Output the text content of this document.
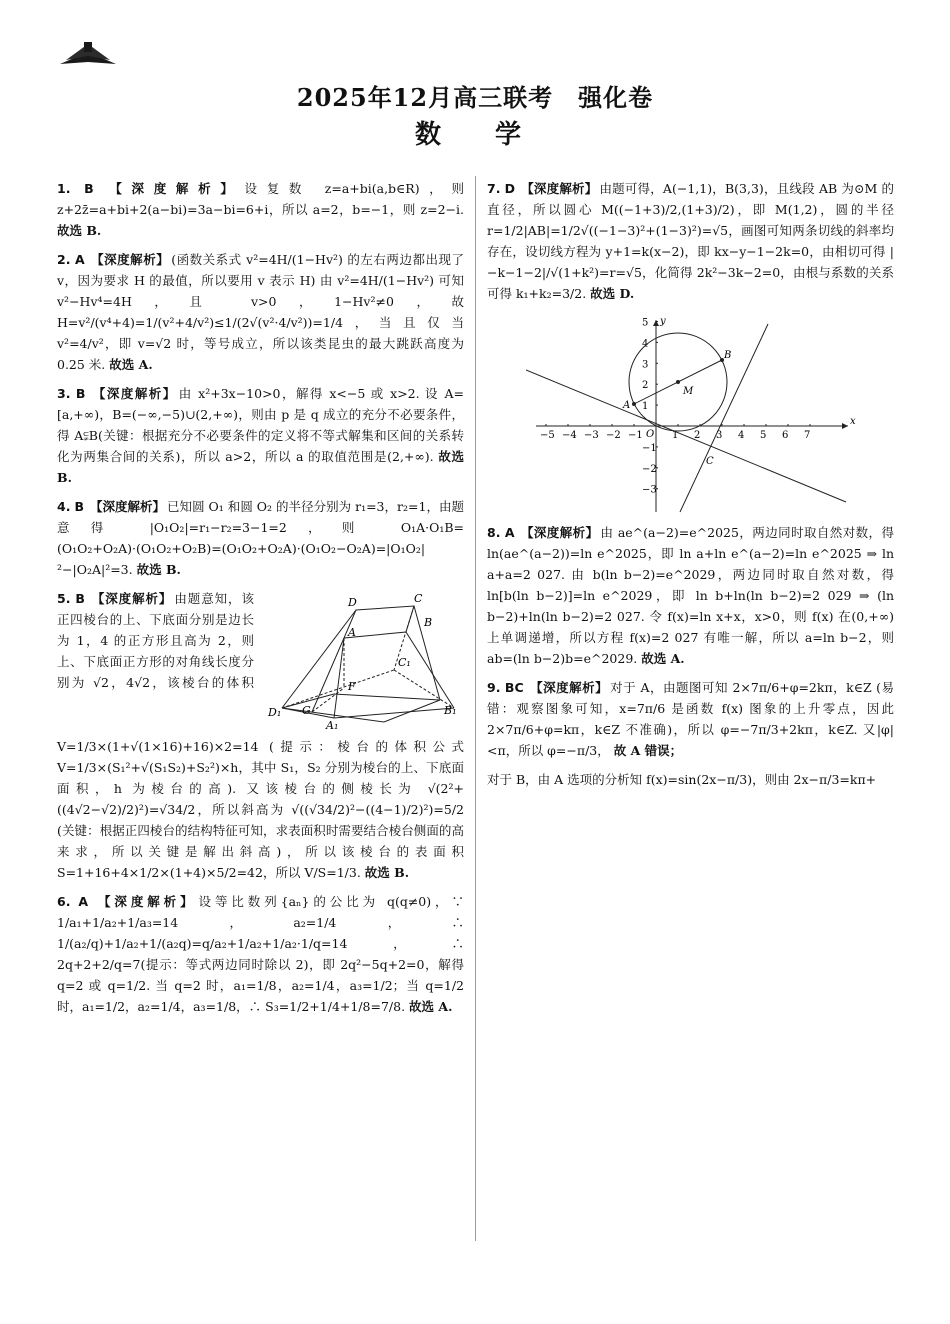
2025年12月高三联考　强化卷
数　学
1. B 【深度解析】 设复数 z=a+bi(a,b∈R)，则 z+2z̄=a+bi+2(a−bi)=3a−bi=6+i，所以 a=2，b=−1，则 z=2−i. 故选 B.
2. A 【深度解析】 (函数关系式 v²=4H/(1−Hv²) 的左右两边都出现了 v，因为要求 H 的最值，所以要用 v 表示 H) 由 v²=4H/(1−Hv²) 可知 v²−Hv⁴=4H，且 v>0，1−Hv²≠0，故 H=v²/(v⁴+4)=1/(v²+4/v²)≤1/(2√(v²·4/v²))=1/4，当且仅当 v²=4/v²，即 v=√2 时，等号成立，所以该类昆虫的最大跳跃高度为 0.25 米. 故选 A.
3. B 【深度解析】 由 x²+3x−10>0，解得 x<−5 或 x>2. 设 A=[a,+∞)，B=(−∞,−5)∪(2,+∞)，则由 p 是 q 成立的充分不必要条件，得 A⫋B(关键：根据充分不必要条件的定义将不等式解集和区间的关系转化为两集合间的关系)，所以 a>2，所以 a 的取值范围是(2,+∞). 故选 B.
4. B 【深度解析】 已知圆 O₁ 和圆 O₂ 的半径分别为 r₁=3，r₂=1，由题意得 |O₁O₂|=r₁−r₂=3−1=2，则 O₁A·O₁B=(O₁O₂+O₂A)·(O₁O₂+O₂B)=(O₁O₂+O₂A)·(O₁O₂−O₂A)=|O₁O₂|²−|O₂A|²=3. 故选 B.
D	C
B
A
C₁
D₁
F
G
A₁
B₁
5. B 【深度解析】 由题意知，该正四棱台的上、下底面分别是边长为 1，4 的正方形且高为 2，则上、下底面正方形的对角线长度分别为 √2，4√2，该棱台的体积 V=1/3×(1+√(1×16)+16)×2=14 (提示：棱台的体积公式 V=1/3×(S₁²+√(S₁S₂)+S₂²)×h，其中 S₁，S₂ 分别为棱台的上、下底面面积，h 为棱台的高). 又该棱台的侧棱长为 √(2²+((4√2−√2)/2)²)=√34/2，所以斜高为 √((√34/2)²−((4−1)/2)²)=5/2 (关键：根据正四棱台的结构特征可知，求表面积时需要结合棱台侧面的高来求，所以关键是解出斜高)，所以该棱台的表面积 S=1+16+4×1/2×(1+4)×5/2=42，所以 V/S=1/3. 故选 B.
6. A 【深度解析】 设等比数列{aₙ}的公比为 q(q≠0)，∵ 1/a₁+1/a₂+1/a₃=14，a₂=1/4，∴ 1/(a₂/q)+1/a₂+1/(a₂q)=q/a₂+1/a₂+1/a₂·1/q=14，∴ 2q+2+2/q=7(提示：等式两边同时除以 2)，即 2q²−5q+2=0，解得 q=2 或 q=1/2. 当 q=2 时，a₁=1/8，a₂=1/4，a₃=1/2；当 q=1/2 时，a₁=1/2，a₂=1/4，a₃=1/8，∴ S₃=1/2+1/4+1/8=7/8. 故选 A.
7. D 【深度解析】 由题可得，A(−1,1)，B(3,3)，且线段 AB 为⊙M 的直径，所以圆心 M((−1+3)/2,(1+3)/2)，即 M(1,2)，圆的半径 r=1/2|AB|=1/2√((−1−3)²+(1−3)²)=√5，画图可知两条切线的斜率均存在，设切线方程为 y+1=k(x−2)，即 kx−y−1−2k=0，由相切可得 |−k−1−2|/√(1+k²)=r=√5，化简得 2k²−3k−2=0，由根与系数的关系可得 k₁+k₂=3/2. 故选 D.
x
y
O
−5 −4 −3 −2 −1	1 2 3 4 5 6 7
5
4
3
2
1
−1
−2
−3
A
B
M
C
8. A 【深度解析】 由 ae^(a−2)=e^2025，两边同时取自然对数，得 ln(ae^(a−2))=ln e^2025，即 ln a+ln e^(a−2)=ln e^2025 ⇒ ln a+a=2 027. 由 b(ln b−2)=e^2029，两边同时取自然对数，得 ln[b(ln b−2)]=ln e^2029，即 ln b+ln(ln b−2)=2 029 ⇒ (ln b−2)+ln(ln b−2)=2 027. 令 f(x)=ln x+x，x>0，则 f(x) 在(0,+∞)上单调递增，所以方程 f(x)=2 027 有唯一解，所以 a=ln b−2，则 ab=(ln b−2)b=e^2029. 故选 A.
9. BC 【深度解析】 对于 A，由题图可知 2×7π/6+φ=2kπ，k∈Z (易错：观察图象可知，x=7π/6 是函数 f(x) 图象的上升零点，因此 2×7π/6+φ=kπ，k∈Z 不准确)，所以 φ=−7π/3+2kπ，k∈Z. 又|φ|<π，所以 φ=−π/3， 故 A 错误；
对于 B，由 A 选项的分析知 f(x)=sin(2x−π/3)，则由 2x−π/3=kπ+
